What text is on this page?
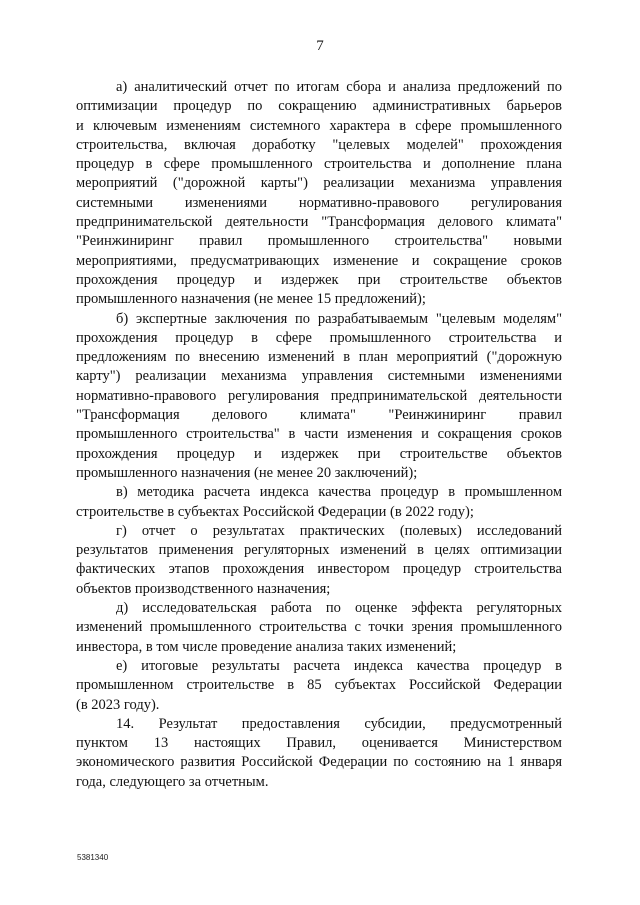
7

а) аналитический отчет по итогам сбора и анализа предложений по
оптимизации процедур по сокращению административных барьеров
и ключевым изменениям системного характера в сфере промышленного
строительства, включая доработку "целевых моделей" прохождения
процедур в сфере промышленного строительства и дополнение плана
мероприятий ("дорожной карты") реализации механизма управления
системными изменениями нормативно-правового регулирования
предпринимательской деятельности "Трансформация делового климата"
"Реинжиниринг правил промышленного строительства" новыми
мероприятиями, предусматривающих изменение и сокращение сроков
прохождения процедур и издержек при строительстве объектов
промышленного назначения (не менее 15 предложений);

б) экспертные заключения по разрабатываемым "целевым моделям"
прохождения процедур в сфере промышленного строительства и
предложениям по внесению изменений в план мероприятий ("дорожную
карту") реализации механизма управления системными изменениями
нормативно-правового регулирования предпринимательской деятельности
"Трансформация делового климата" "Реинжиниринг правил
промышленного строительства" в части изменения и сокращения сроков
прохождения процедур и издержек при строительстве объектов
промышленного назначения (не менее 20 заключений);

в) методика расчета индекса качества процедур в промышленном
строительстве в субъектах Российской Федерации (в 2022 году);

г) отчет о результатах практических (полевых) исследований
результатов применения регуляторных изменений в целях оптимизации
фактических этапов прохождения инвестором процедур строительства
объектов производственного назначения;

д) исследовательская работа по оценке эффекта регуляторных
изменений промышленного строительства с точки зрения промышленного
инвестора, в том числе проведение анализа таких изменений;

е) итоговые результаты расчета индекса качества процедур в
промышленном строительстве в 85 субъектах Российской Федерации
(в 2023 году).

14. Результат предоставления субсидии, предусмотренный
пунктом 13 настоящих Правил, оценивается Министерством
экономического развития Российской Федерации по состоянию на 1 января
года, следующего за отчетным.

5381340
